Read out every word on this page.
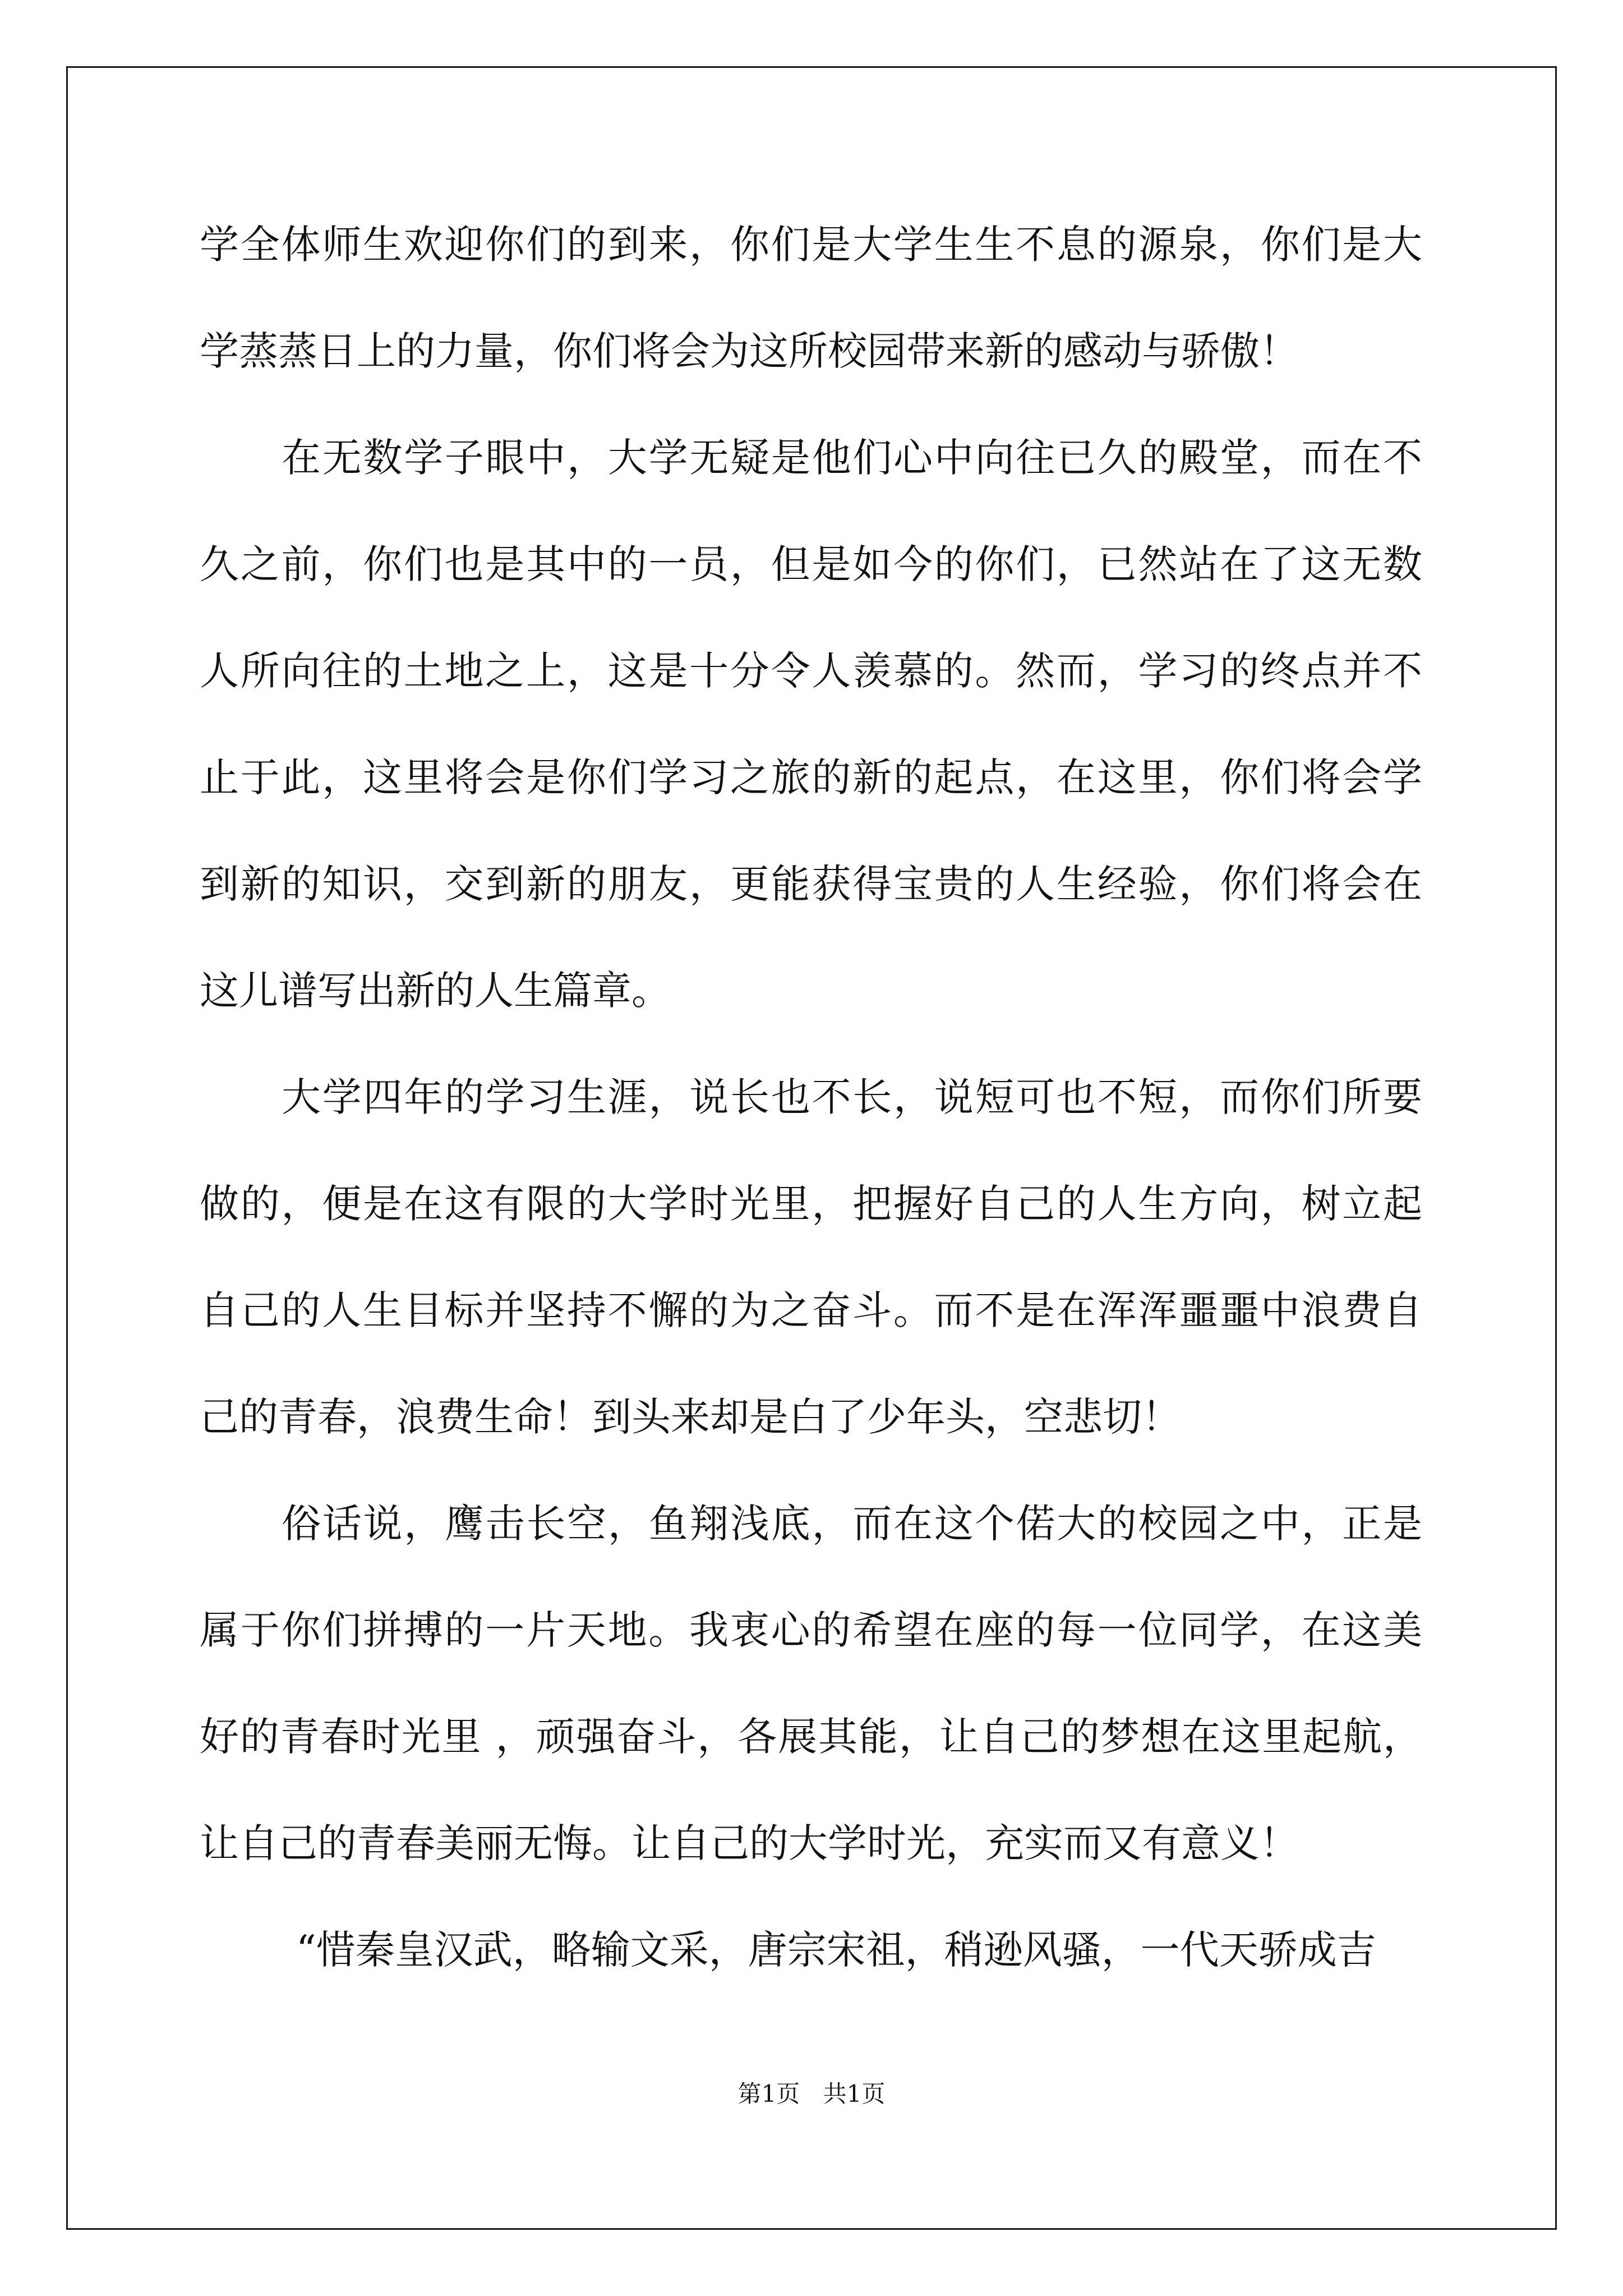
学全体师生欢迎你们的到来，你们是大学生生不息的源泉，你们是大
学蒸蒸日上的力量，你们将会为这所校园带来新的感动与骄傲！
在无数学子眼中，大学无疑是他们心中向往已久的殿堂，而在不
久之前，你们也是其中的一员，但是如今的你们，已然站在了这无数
人所向往的土地之上，这是十分令人羡慕的。然而，学习的终点并不
止于此，这里将会是你们学习之旅的新的起点，在这里，你们将会学
到新的知识，交到新的朋友，更能获得宝贵的人生经验，你们将会在
这儿谱写出新的人生篇章。
大学四年的学习生涯，说长也不长，说短可也不短，而你们所要
做的，便是在这有限的大学时光里，把握好自己的人生方向，树立起
自己的人生目标并坚持不懈的为之奋斗。而不是在浑浑噩噩中浪费自
己的青春，浪费生命！到头来却是白了少年头，空悲切！
俗话说，鹰击长空，鱼翔浅底，而在这个偌大的校园之中，正是
属于你们拼搏的一片天地。我衷心的希望在座的每一位同学，在这美
好的青春时光里 ，顽强奋斗，各展其能，让自己的梦想在这里起航，
让自己的青春美丽无悔。让自己的大学时光，充实而又有意义！
“惜秦皇汉武，略输文采，唐宗宋祖，稍逊风骚，一代天骄成吉
第1页 共1页
